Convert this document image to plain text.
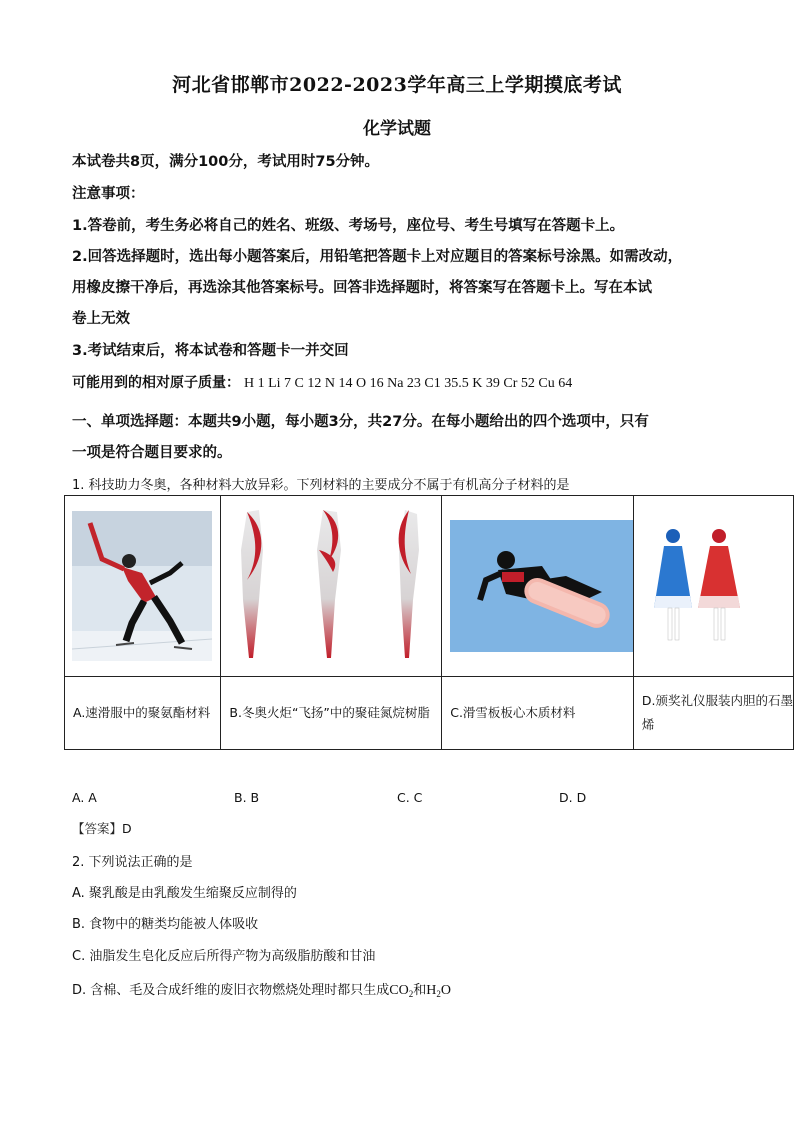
河北省邯郸市2022-2023学年高三上学期摸底考试
化学试题
本试卷共8页，满分100分，考试用时75分钟。
注意事项：
1.答卷前，考生务必将自己的姓名、班级、考场号，座位号、考生号填写在答题卡上。
2.回答选择题时，选出每小题答案后，用铅笔把答题卡上对应题目的答案标号涂黑。如需改动，
用橡皮擦干净后，再选涂其他答案标号。回答非选择题时，将答案写在答题卡上。写在本试
卷上无效
3.考试结束后，将本试卷和答题卡一并交回
可能用到的相对原子质量： H 1 Li 7 C 12 N 14 O 16 Na 23 C1 35.5 K 39 Cr 52 Cu 64
一、单项选择题：本题共9小题，每小题3分，共27分。在每小题给出的四个选项中，只有
一项是符合题目要求的。
1. 科技助力冬奥，各种材料大放异彩。下列材料的主要成分不属于有机高分子材料的是

A.速滑服中的聚氨酯材料	B.冬奥火炬“飞扬”中的聚硅氮烷树脂	C.滑雪板板心木质材料	D.颁奖礼仪服装内胆的石墨
烯
A. A	B. B	C. C	D. D
【答案】D
2. 下列说法正确的是
A. 聚乳酸是由乳酸发生缩聚反应制得的
B. 食物中的糖类均能被人体吸收
C. 油脂发生皂化反应后所得产物为高级脂肪酸和甘油
D. 含棉、毛及合成纤维的废旧衣物燃烧处理时都只生成$CO_2$和$H_2O$
